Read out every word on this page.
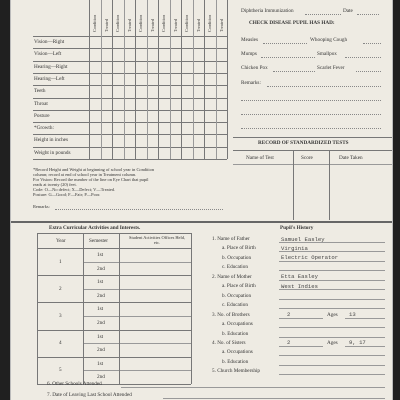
Condition Treated Condition Treated Condition Treated Condition Treated Condition Treated Condition Treated
Vision—Right
Vision—Left
Hearing—Right
Hearing—Left
Teeth
Throat
Posture
*Growth:
Height in inches
Weight in pounds
*Record Height and Weight at beginning of school year in Condition
column; record at end of school year in Treatment column.
For Vision: Record the number of the line on Eye Chart that pupil
reads at twenty (20) feet.
Code: O—No defect; X—Defect; V—Treated.
Posture: G—Good; F—Fair; P—Poor.
Remarks:
Diphtheria Immunization	Date
CHECK DISEASE PUPIL HAS HAD:
Measles	Whooping Cough
Mumps	Smallpox
Chicken Pox	Scarlet Fever
Remarks:
RECORD OF STANDARDIZED TESTS
Name of Test	Score	Date Taken
Extra Curricular Activities and Interests.	Pupil's History
Year	Semester
Student Activities Offices Held, etc.
1
1st
2nd
2
1st
2nd
3
1st
2nd
4
1st
2nd
5
1st
2nd
1. Name of Father	Samuel Easley
a. Place of Birth	Virginia
b. Occupation	Electric Operator
c. Education
2. Name of Mother	Etta Easley
a. Place of Birth	West Indies
b. Occupation
c. Education
3. No. of Brothers	2	Ages 13
a. Occupations
b. Education
4. No. of Sisters	2	Ages 9, 17
a. Occupations
b. Education
5. Church Membership
6. Other Schools Attended
7. Date of Leaving Last School Attended
